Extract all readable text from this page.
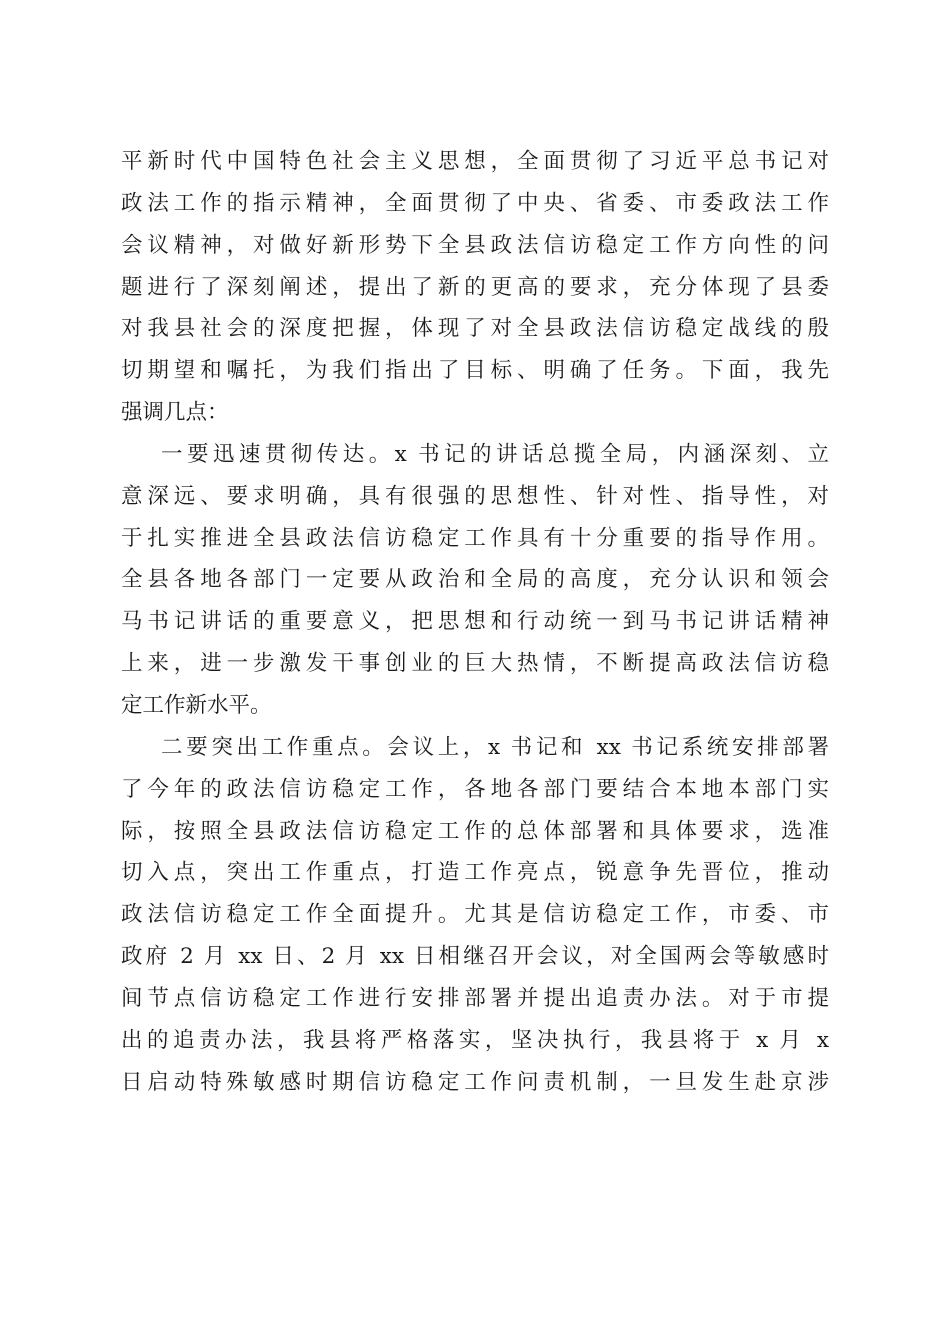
平新时代中国特色社会主义思想，全面贯彻了习近平总书记对
政法工作的指示精神，全面贯彻了中央、省委、市委政法工作
会议精神，对做好新形势下全县政法信访稳定工作方向性的问
题进行了深刻阐述，提出了新的更高的要求，充分体现了县委
对我县社会的深度把握，体现了对全县政法信访稳定战线的殷
切期望和嘱托，为我们指出了目标、明确了任务。下面，我先
强调几点：
一要迅速贯彻传达。x 书记的讲话总揽全局，内涵深刻、立
意深远、要求明确，具有很强的思想性、针对性、指导性，对
于扎实推进全县政法信访稳定工作具有十分重要的指导作用。
全县各地各部门一定要从政治和全局的高度，充分认识和领会
马书记讲话的重要意义，把思想和行动统一到马书记讲话精神
上来，进一步激发干事创业的巨大热情，不断提高政法信访稳
定工作新水平。
二要突出工作重点。会议上，x 书记和 xx 书记系统安排部署
了今年的政法信访稳定工作，各地各部门要结合本地本部门实
际，按照全县政法信访稳定工作的总体部署和具体要求，选准
切入点，突出工作重点，打造工作亮点，锐意争先晋位，推动
政法信访稳定工作全面提升。尤其是信访稳定工作，市委、市
政府 2 月 xx 日、2 月 xx 日相继召开会议，对全国两会等敏感时
间节点信访稳定工作进行安排部署并提出追责办法。对于市提
出的追责办法，我县将严格落实，坚决执行，我县将于 x 月 x
日启动特殊敏感时期信访稳定工作问责机制，一旦发生赴京涉
